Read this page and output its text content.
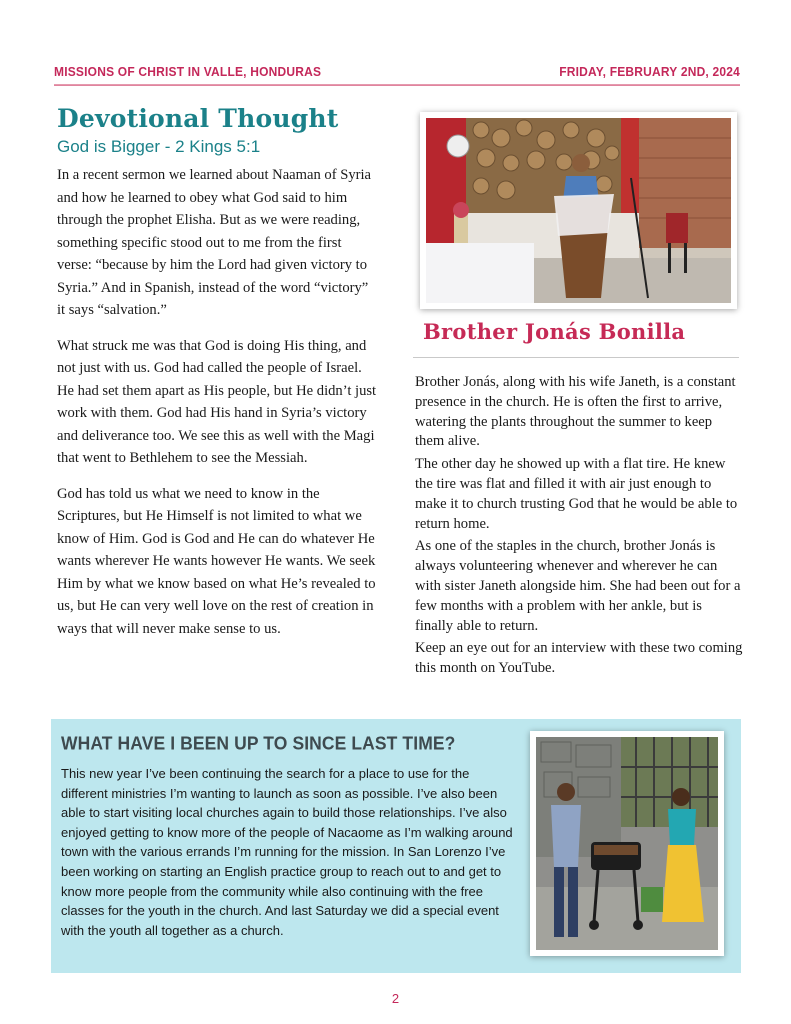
MISSIONS OF CHRIST IN VALLE, HONDURAS	FRIDAY, FEBRUARY 2ND, 2024
Devotional Thought
God is Bigger - 2 Kings 5:1

In a recent sermon we learned about Naaman of Syria and how he learned to obey what God said to him through the prophet Elisha. But as we were reading, something specific stood out to me from the first verse: “because by him the Lord had given victory to Syria.” And in Spanish, instead of the word “victory” it says “salvation.”

What struck me was that God is doing His thing, and not just with us. God had called the people of Israel. He had set them apart as His people, but He didn’t just work with them. God had His hand in Syria’s victory and deliverance too. We see this as well with the Magi that went to Bethlehem to see the Messiah.

God has told us what we need to know in the Scriptures, but He Himself is not limited to what we know of Him. God is God and He can do whatever He wants wherever He wants however He wants. We seek Him by what we know based on what He’s revealed to us, but He can very well love on the rest of creation in ways that will never make sense to us.

Brother Jonás Bonilla

Brother Jonás, along with his wife Janeth, is a constant presence in the church. He is often the first to arrive, watering the plants throughout the summer to keep them alive.

The other day he showed up with a flat tire. He knew the tire was flat and filled it with air just enough to make it to church trusting God that he would be able to return home.

As one of the staples in the church, brother Jonás is always volunteering whenever and wherever he can with sister Janeth alongside him. She had been out for a few months with a problem with her ankle, but is finally able to return.

Keep an eye out for an interview with these two coming this month on YouTube.

WHAT HAVE I BEEN UP TO SINCE LAST TIME?
This new year I’ve been continuing the search for a place to use for the different ministries I’m wanting to launch as soon as possible. I’ve also been able to start visiting local churches again to build those relationships. I’ve also enjoyed getting to know more of the people of Nacaome as I’m walking around town with the various errands I’m running for the mission. In San Lorenzo I’ve been working on starting an English practice group to reach out to and get to know more people from the community while also continuing with the free classes for the youth in the church. And last Saturday we did a special event with the youth all together as a church.
2
